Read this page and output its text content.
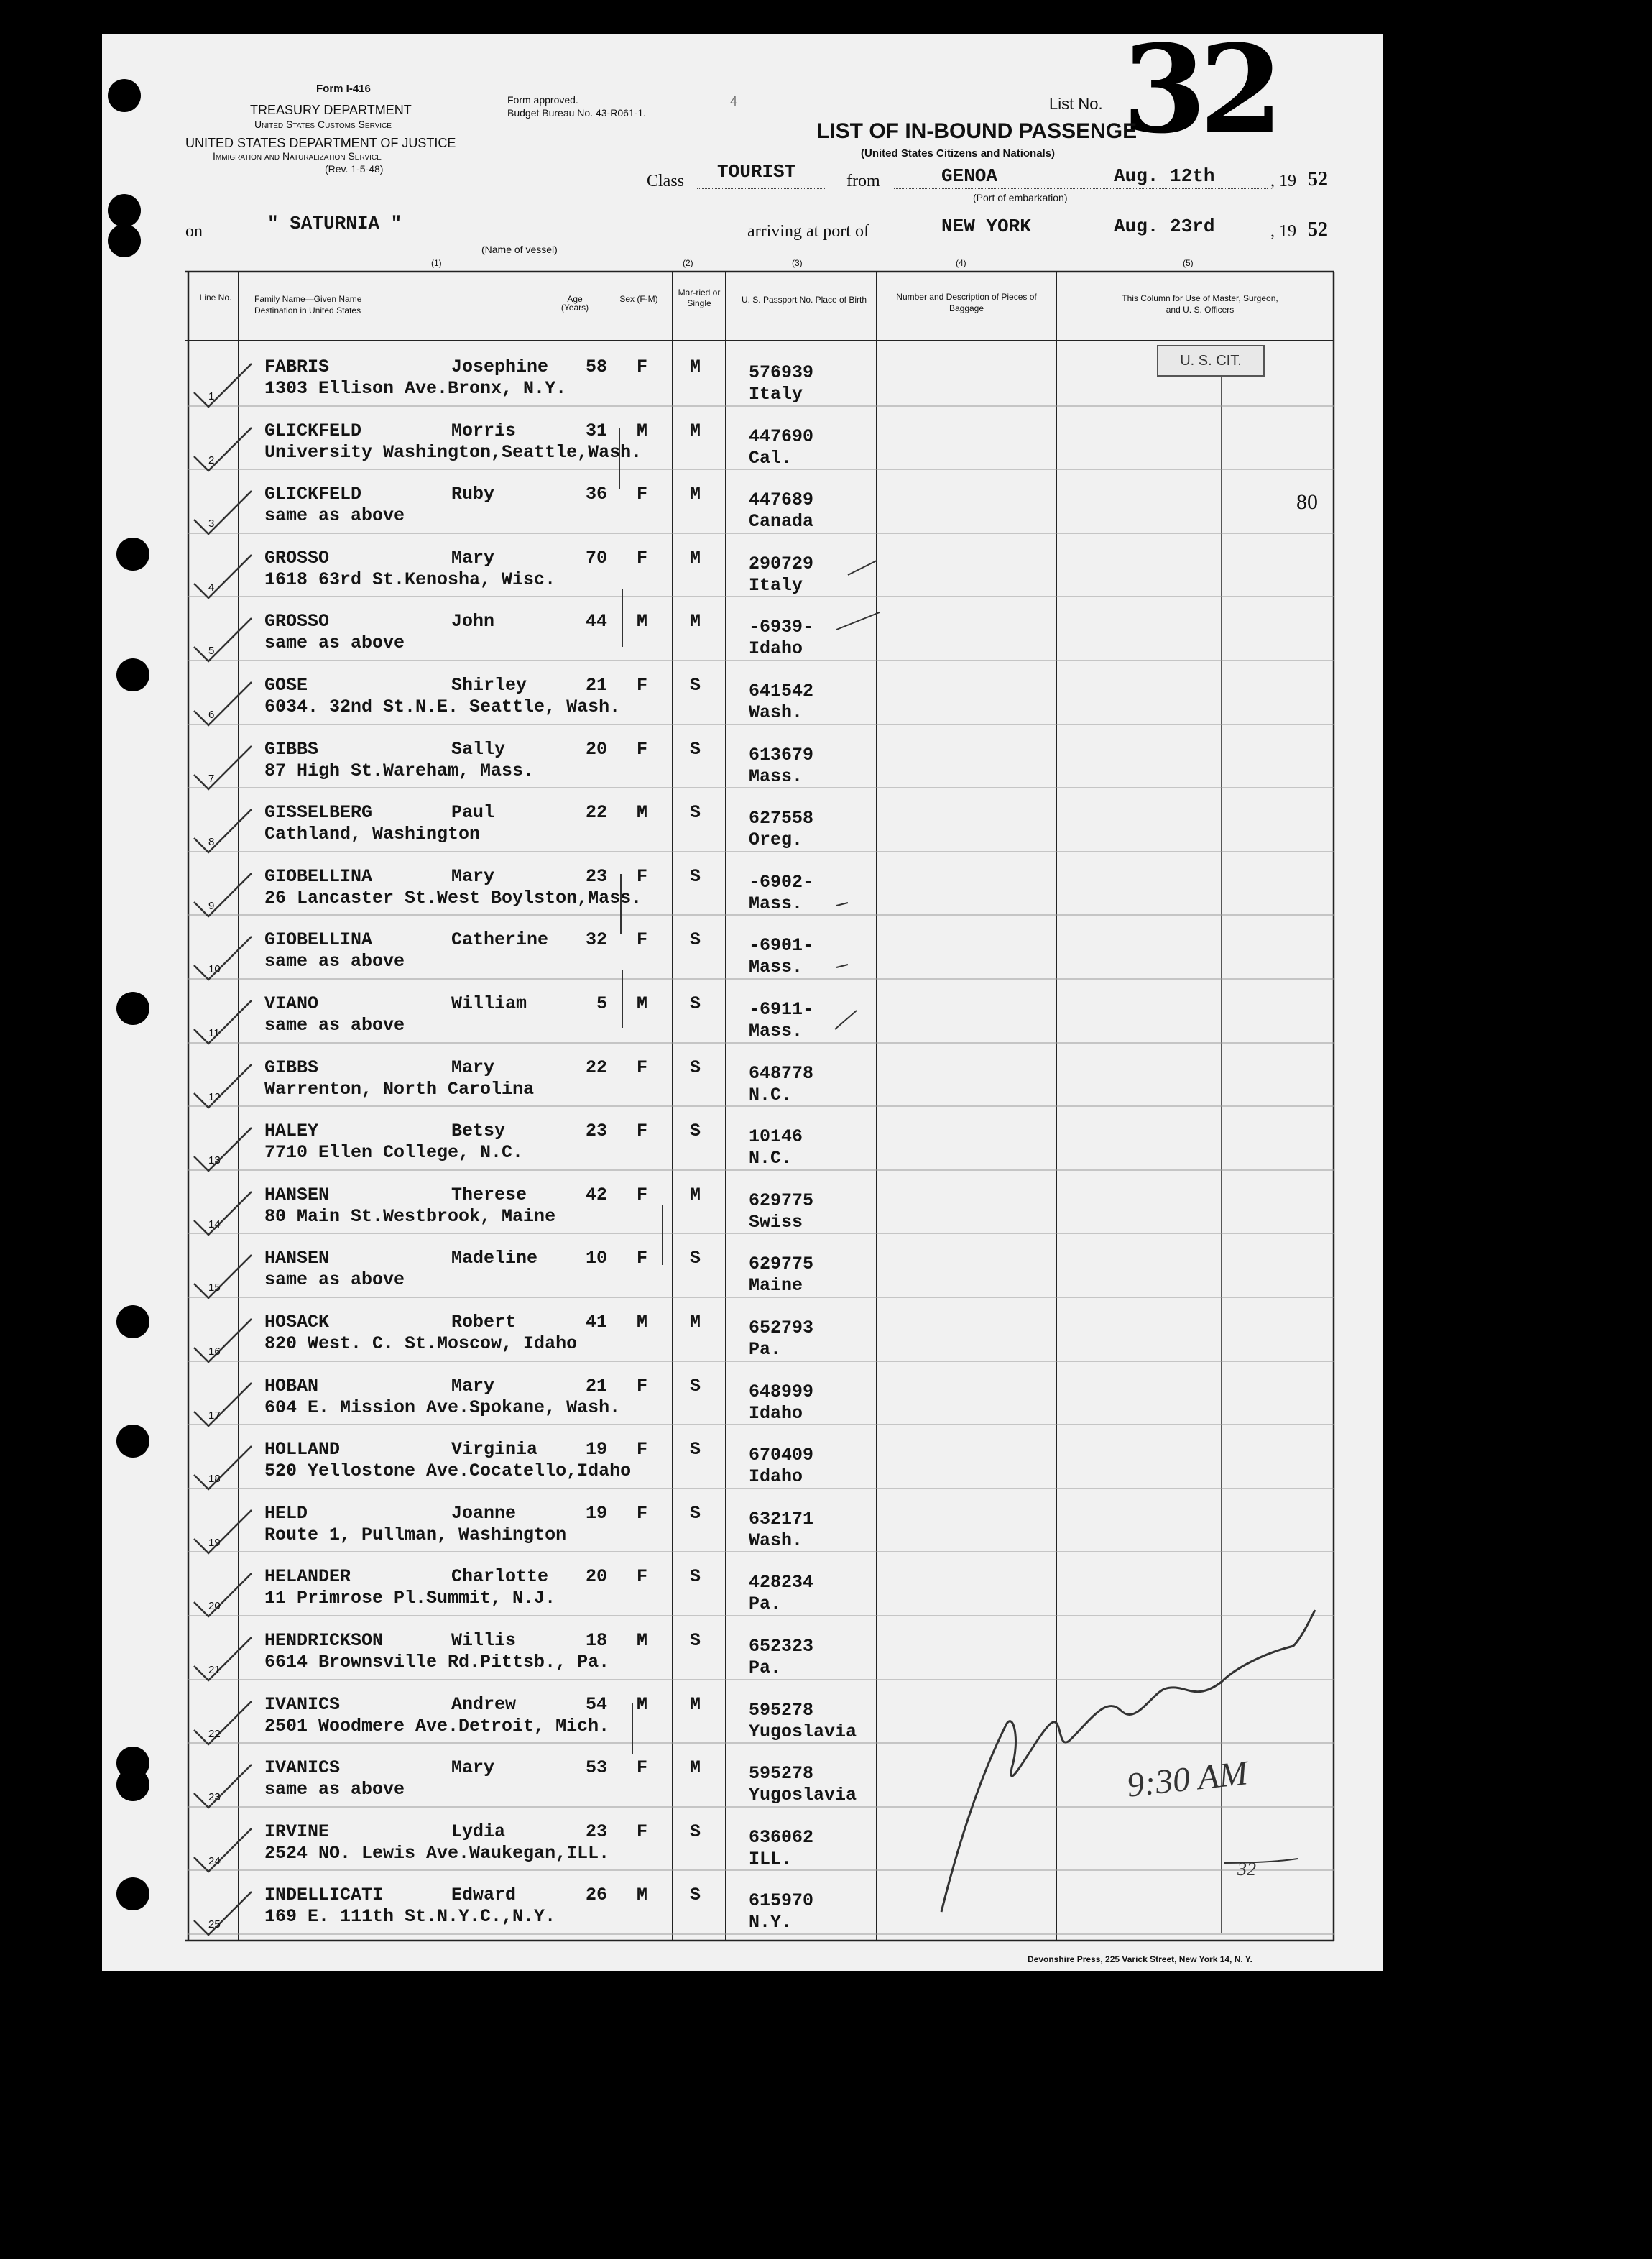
Form I-416
TREASURY DEPARTMENT
United States Customs Service
UNITED STATES DEPARTMENT OF JUSTICE
Immigration and Naturalization Service
(Rev. 1-5-48)
Form approved.
Budget Bureau No. 43-R061-1.
4	List No. 32
LIST OF IN-BOUND PASSENGE
(United States Citizens and Nationals)
Class TOURIST	from	GENOA	Aug. 12th
(Port of embarkation)
, 19 52
on	" SATURNIA "
(Name of vessel)
arriving at port of	NEW YORK	Aug. 23rd	, 19 52
(1)	(2)	(3)	(4)	(5)
Line No.	Family Name—Given Name
Destination in United States
Age (Years)
Sex (F-M)
Mar-ried or Single	U. S. Passport No. Place of Birth	Number and Description of Pieces of Baggage
This Column for Use of Master, Surgeon, and U. S. Officers
U. S. CIT.
80
9:30 AM
32
Devonshire Press, 225 Varick Street, New York 14, N. Y.
1
FABRIS	Josephine 58 F M	576939
1303 Ellison Ave.Bronx, N.Y.	Italy
2
GLICKFELD	Morris	31 M M	447690
University Washington,Seattle,Wash.	Cal.
3
GLICKFELD	Ruby	36 F M	447689
same as above	Canada
4
GROSSO	Mary	70 F M	290729
1618 63rd St.Kenosha, Wisc.	Italy
5
GROSSO	John	44 M M	-6939-
same as above	Idaho
6
GOSE	Shirley	21 F S	641542
6034. 32nd St.N.E. Seattle, Wash.	Wash.
7
GIBBS	Sally	20 F S	613679
87 High St.Wareham, Mass.	Mass.
8
GISSELBERG	Paul	22 M S	627558
Cathland, Washington	Oreg.
9
GIOBELLINA	Mary	23 F S	-6902-
26 Lancaster St.West Boylston,Mass.	Mass.
10
GIOBELLINA	Catherine 32 F S	-6901-
same as above	Mass.
11
VIANO	William	5 M S	-6911-
same as above	Mass.
12
GIBBS	Mary	22 F S	648778
Warrenton, North Carolina	N.C.
13
HALEY	Betsy	23 F S	10146
7710 Ellen College, N.C.	N.C.
14
HANSEN	Therese	42 F M	629775
80 Main St.Westbrook, Maine	Swiss
15
HANSEN	Madeline	10 F S	629775
same as above	Maine
16
HOSACK	Robert	41 M M	652793
820 West. C. St.Moscow, Idaho	Pa.
17
HOBAN	Mary	21 F S	648999
604 E. Mission Ave.Spokane, Wash.	Idaho
18
HOLLAND	Virginia	19 F S	670409
520 Yellostone Ave.Cocatello,Idaho	Idaho
19
HELD	Joanne	19 F S	632171
Route 1, Pullman, Washington	Wash.
20
HELANDER	Charlotte 20 F S	428234
11 Primrose Pl.Summit, N.J.	Pa.
21
HENDRICKSON	Willis	18 M S	652323
6614 Brownsville Rd.Pittsb., Pa.	Pa.
22
IVANICS	Andrew	54 M M	595278
2501 Woodmere Ave.Detroit, Mich.	Yugoslavia
23
IVANICS	Mary	53 F M	595278
same as above	Yugoslavia
24
IRVINE	Lydia	23 F S	636062
2524 NO. Lewis Ave.Waukegan,ILL.	ILL.
25
INDELLICATI	Edward	26 M S	615970
169 E. 111th St.N.Y.C.,N.Y.	N.Y.
